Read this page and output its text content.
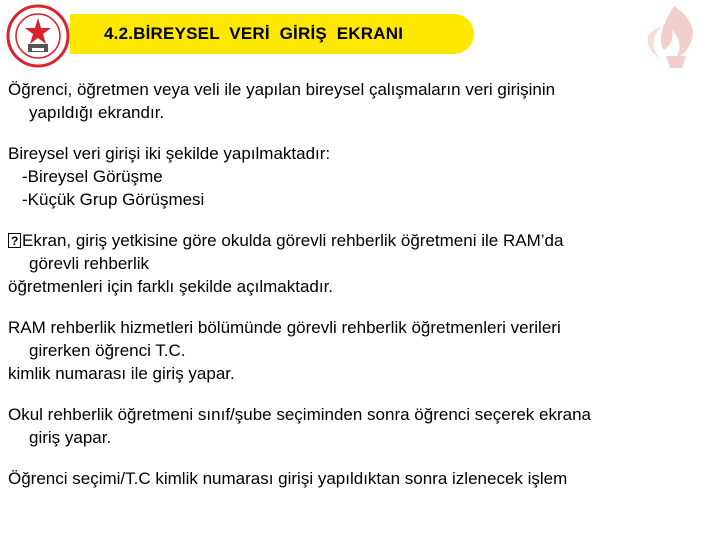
4.2.BİREYSEL  VERİ  GİRİŞ  EKRANI

Öğrenci, öğretmen veya veli ile yapılan bireysel çalışmaların veri girişinin
yapıldığı ekrandır.

Bireysel veri girişi iki şekilde yapılmaktadır:
-Bireysel Görüşme
-Küçük Grup Görüşmesi

?Ekran, giriş yetkisine göre okulda görevli rehberlik öğretmeni ile RAM’da
görevli rehberlik
öğretmenleri için farklı şekilde açılmaktadır.

RAM rehberlik hizmetleri bölümünde görevli rehberlik öğretmenleri verileri
girerken öğrenci T.C.
kimlik numarası ile giriş yapar.

Okul rehberlik öğretmeni sınıf/şube seçiminden sonra öğrenci seçerek ekrana
giriş yapar.

Öğrenci seçimi/T.C kimlik numarası girişi yapıldıktan sonra izlenecek işlem
